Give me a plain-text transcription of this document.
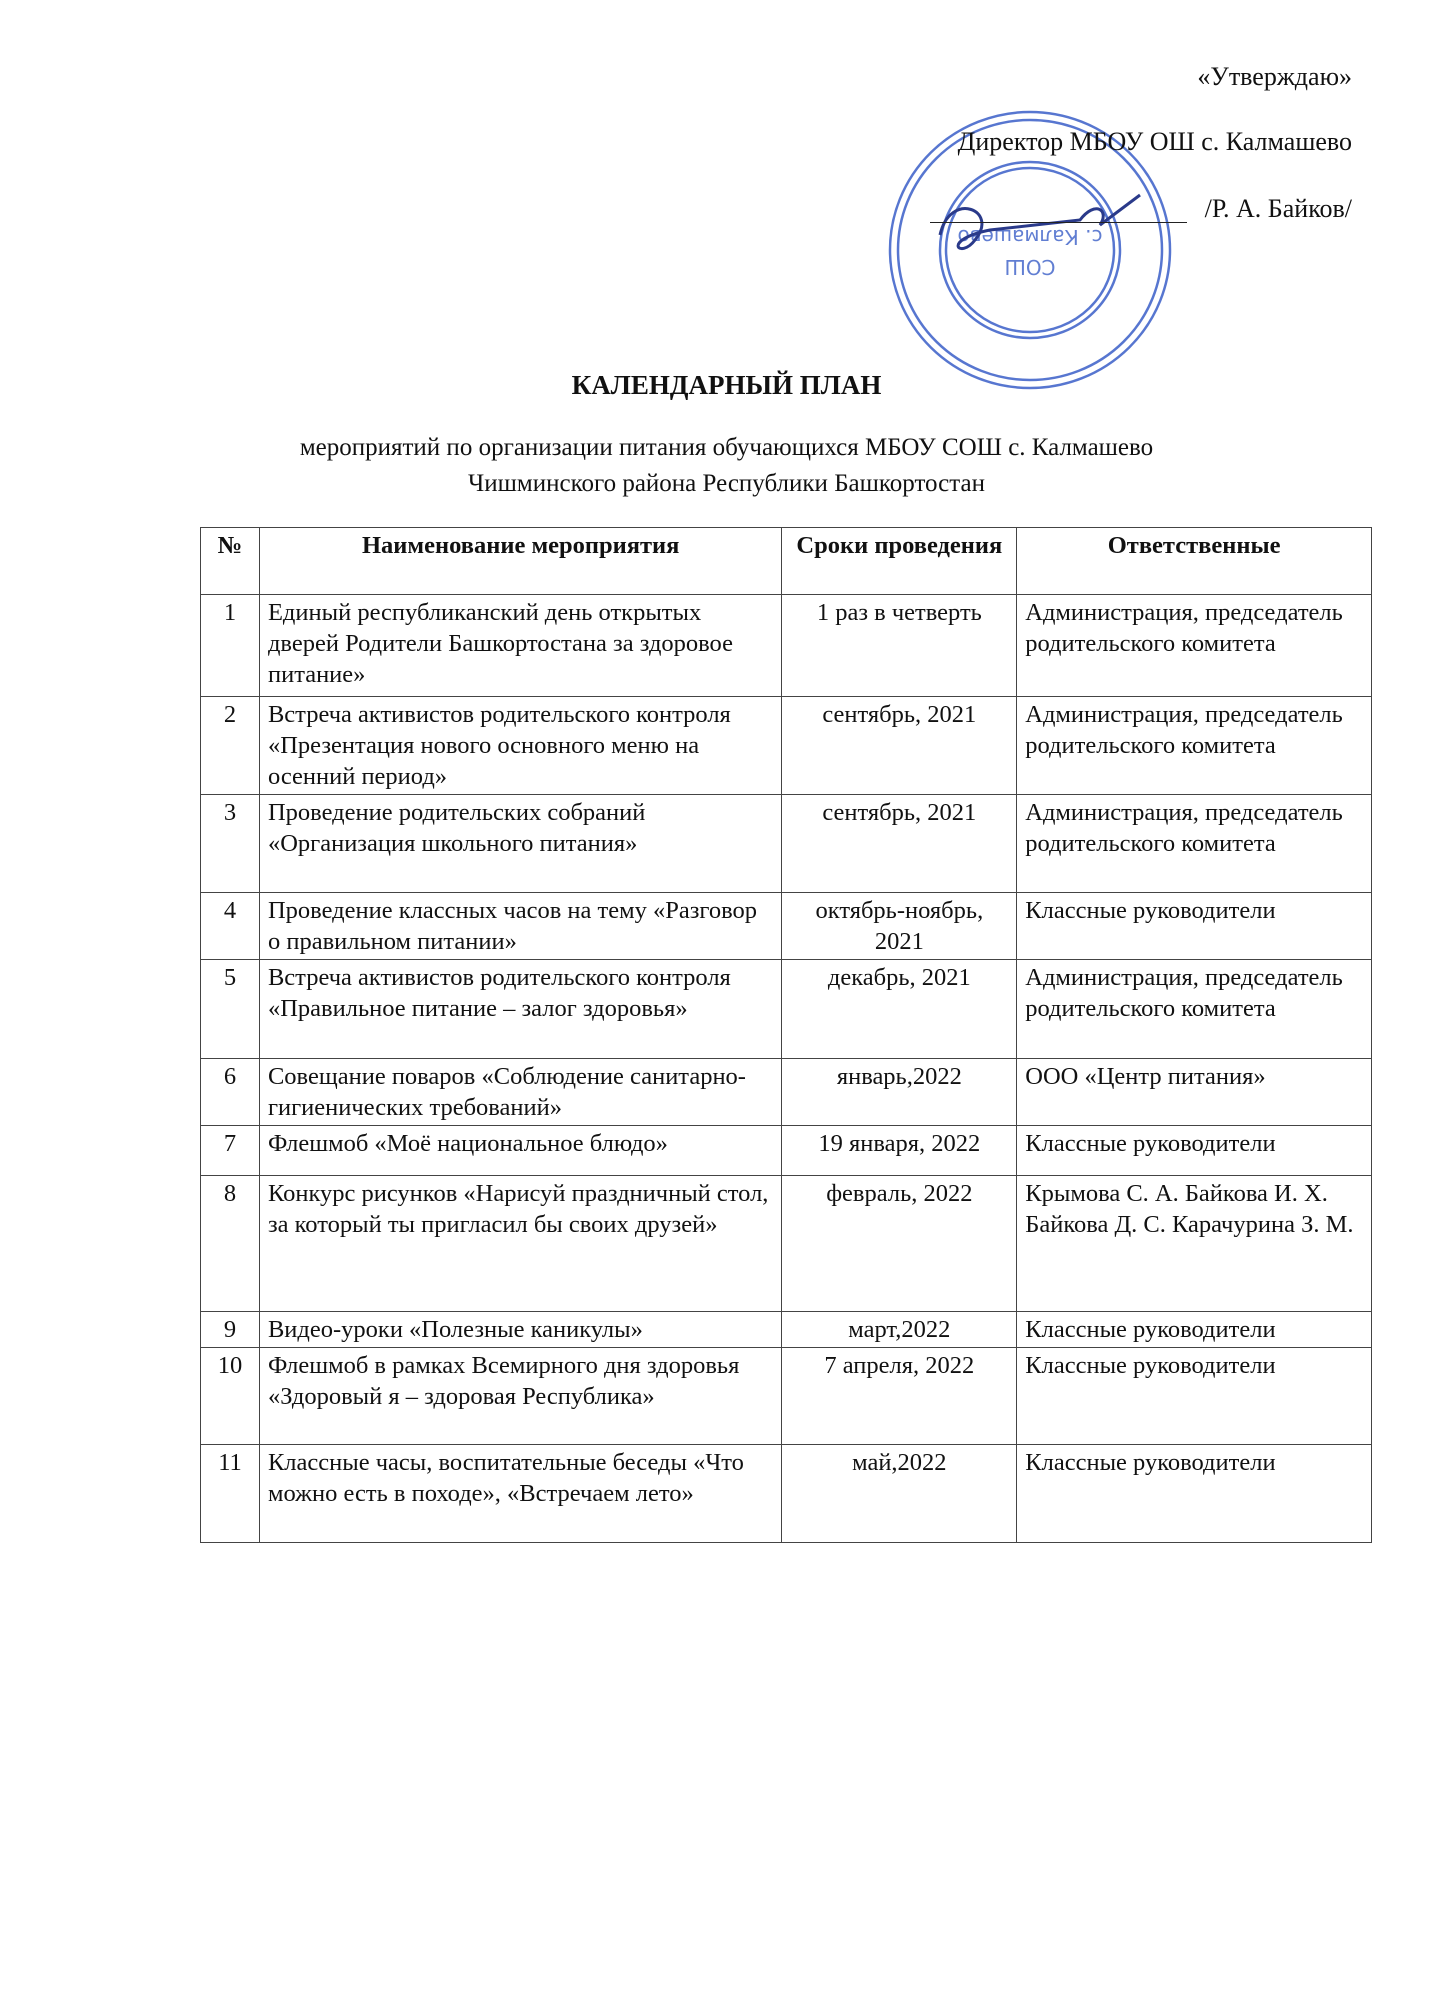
СОШ
с. Калмашево
«Утверждаю»
Директор МБОУ ОШ с. Калмашево
/Р. А. Байков/
КАЛЕНДАРНЫЙ ПЛАН
мероприятий по организации питания обучающихся МБОУ СОШ с. Калмашево
Чишминского района Республики Башкортостан
№	Наименование мероприятия	Сроки проведения	Ответственные
1	Единый республиканский день открытых дверей Родители Башкортостана за здоровое питание»	1 раз в четверть	Администрация, председатель родительского комитета
2	Встреча активистов родительского контроля «Презентация нового основного меню на осенний период»	сентябрь, 2021	Администрация, председатель родительского комитета
3	Проведение родительских собраний «Организация школьного питания»	сентябрь, 2021	Администрация, председатель родительского комитета
4	Проведение классных часов на тему «Разговор о правильном питании»	октябрь-ноябрь, 2021	Классные руководители
5	Встреча активистов родительского контроля «Правильное питание – залог здоровья»	декабрь, 2021	Администрация, председатель родительского комитета
6	Совещание поваров «Соблюдение санитарно-гигиенических требований»	январь,2022	ООО «Центр питания»
7	Флешмоб «Моё национальное блюдо»	19 января, 2022	Классные руководители
8	Конкурс рисунков «Нарисуй праздничный стол, за который ты пригласил бы своих друзей»	февраль, 2022	Крымова С. А. Байкова И. Х. Байкова Д. С. Карачурина З. М.
9	Видео-уроки «Полезные каникулы»	март,2022	Классные руководители
10	Флешмоб в рамках Всемирного дня здоровья «Здоровый я – здоровая Республика»	7 апреля, 2022	Классные руководители
11	Классные часы, воспитательные беседы «Что можно есть в походе», «Встречаем лето»	май,2022	Классные руководители
